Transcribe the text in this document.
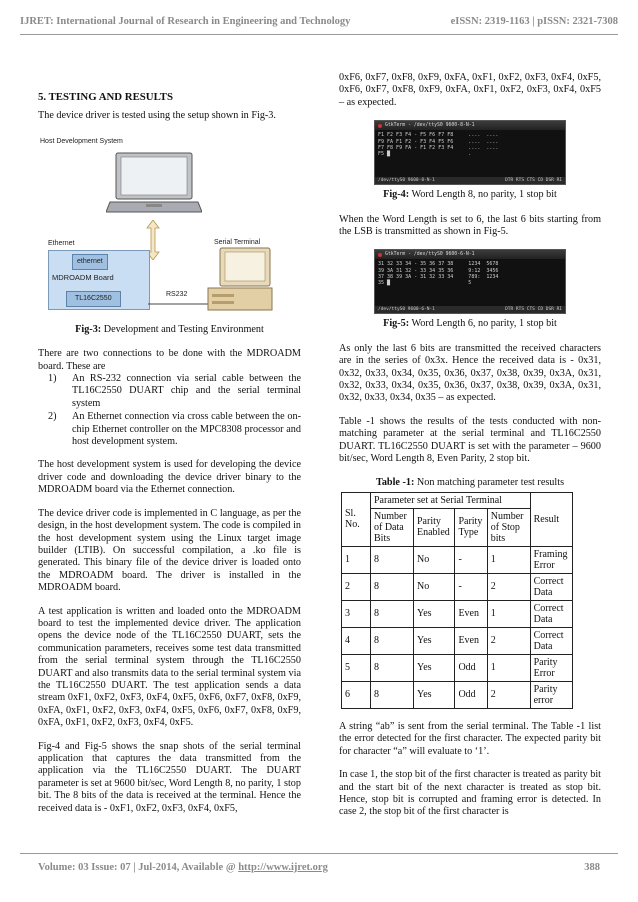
IJRET: International Journal of Research in Engineering and Technology	eISSN: 2319-1163 | pISSN: 2321-7308
5. TESTING AND RESULTS

The device driver is tested using the setup shown in Fig-3.

Host Development System
Ethernet
ethernet
MDROADM Board
TL16C2550
RS232
Serial Terminal
Fig-3: Development and Testing Environment

There are two connections to be done with the MDROADM board. These are

1)	An RS-232 connection via serial cable between the TL16C2550 DUART chip and the serial terminal system
2)	An Ethernet connection via cross cable between the on-chip Ethernet controller on the MPC8308 processor and host development system.

The host development system is used for developing the device driver code and downloading the device driver binary to the MDROADM board via the Ethernet connection.

The device driver code is implemented in C language, as per the design, in the host development system. The code is compiled in the host development system using the Linux target image builder (LTIB). On successful compilation, a .ko file is generated. This binary file of the device driver is loaded onto the MDROADM board. The driver is installed in the MDROADM board.

A test application is written and loaded onto the MDROADM board to test the implemented device driver. The application opens the device node of the TL16C2550 DUART, sets the communication parameters, receives some test data transmitted from the serial terminal system through the TL16C2550 DUART and also transmits data to the serial terminal system via the TL16C2550 DUART. The test application sends a data stream 0xF1, 0xF2, 0xF3, 0xF4, 0xF5, 0xF6, 0xF7, 0xF8, 0xF9, 0xFA, 0xF1, 0xF2, 0xF3, 0xF4, 0xF5, 0xF6, 0xF7, 0xF8, 0xF9, 0xFA, 0xF1, 0xF2, 0xF3, 0xF4, 0xF5.

Fig-4 and Fig-5 shows the snap shots of the serial terminal application that captures the data transmitted from the application via the TL16C2550 DUART. The DUART parameter is set at 9600 bit/sec, Word Length 8, no parity, 1 stop bit. The 8 bits of the data is received at the terminal. Hence the received data is - 0xF1, 0xF2, 0xF3, 0xF4, 0xF5,

0xF6, 0xF7, 0xF8, 0xF9, 0xFA, 0xF1, 0xF2, 0xF3, 0xF4, 0xF5, 0xF6, 0xF7, 0xF8, 0xF9, 0xFA, 0xF1, 0xF2, 0xF3, 0xF4, 0xF5 – as expected.

GtkTerm - /dev/ttyS0 9600-8-N-1
F1 F2 F3 F4 - F5 F6 F7 F8     ....  ....
F9 FA F1 F2 - F3 F4 F5 F6     ....  ....
F7 F8 F9 FA - F1 F2 F3 F4     ....  ....
F5 █                          .
/dev/ttyS0 9600-8-N-1	DTR RTS CTS CD DSR RI
Fig-4: Word Length 8, no parity, 1 stop bit

When the Word Length is set to 6, the last 6 bits starting from the LSB is transmitted as shown in Fig-5.

GtkTerm - /dev/ttyS0 9600-6-N-1
31 32 33 34 - 35 36 37 38     1234  5678
39 3A 31 32 - 33 34 35 36     9:12  3456
37 38 39 3A - 31 32 33 34     789:  1234
35 █                          5
/dev/ttyS0 9600-6-N-1	DTR RTS CTS CD DSR RI
Fig-5: Word Length 6, no parity, 1 stop bit

As only the last 6 bits are transmitted the received characters are in the series of 0x3x. Hence the received data is - 0x31, 0x32, 0x33, 0x34, 0x35, 0x36, 0x37, 0x38, 0x39, 0x3A, 0x31, 0x32, 0x33, 0x34, 0x35, 0x36, 0x37, 0x38, 0x39, 0x3A, 0x31, 0x32, 0x33, 0x34, 0x35 – as expected.

Table -1 shows the results of the tests conducted with non-matching parameter at the serial terminal and TL16C2550 DUART. TL16C2550 DUART is set with the parameter – 9600 bit/sec, Word Length 8, Even Parity, 2 stop bit.

Table -1: Non matching parameter test results
Sl. No.	Parameter set at Serial Terminal				Result
	Number of Data Bits	Parity Enabled	Parity Type	Number of Stop bits	
1	8	No	-	1	Framing Error
2	8	No	-	2	Correct Data
3	8	Yes	Even	1	Correct Data
4	8	Yes	Even	2	Correct Data
5	8	Yes	Odd	1	Parity Error
6	8	Yes	Odd	2	Parity error

A string “ab” is sent from the serial terminal. The Table -1 list the error detected for the first character. The expected parity bit for character “a” will evaluate to ‘1’.

In case 1, the stop bit of the first character is treated as parity bit and the start bit of the next character is treated as stop bit. Hence, stop bit is corrupted and framing error is detected. In case 2, the stop bit of the first character is

Volume: 03 Issue: 07 | Jul-2014, Available @ http://www.ijret.org	388
